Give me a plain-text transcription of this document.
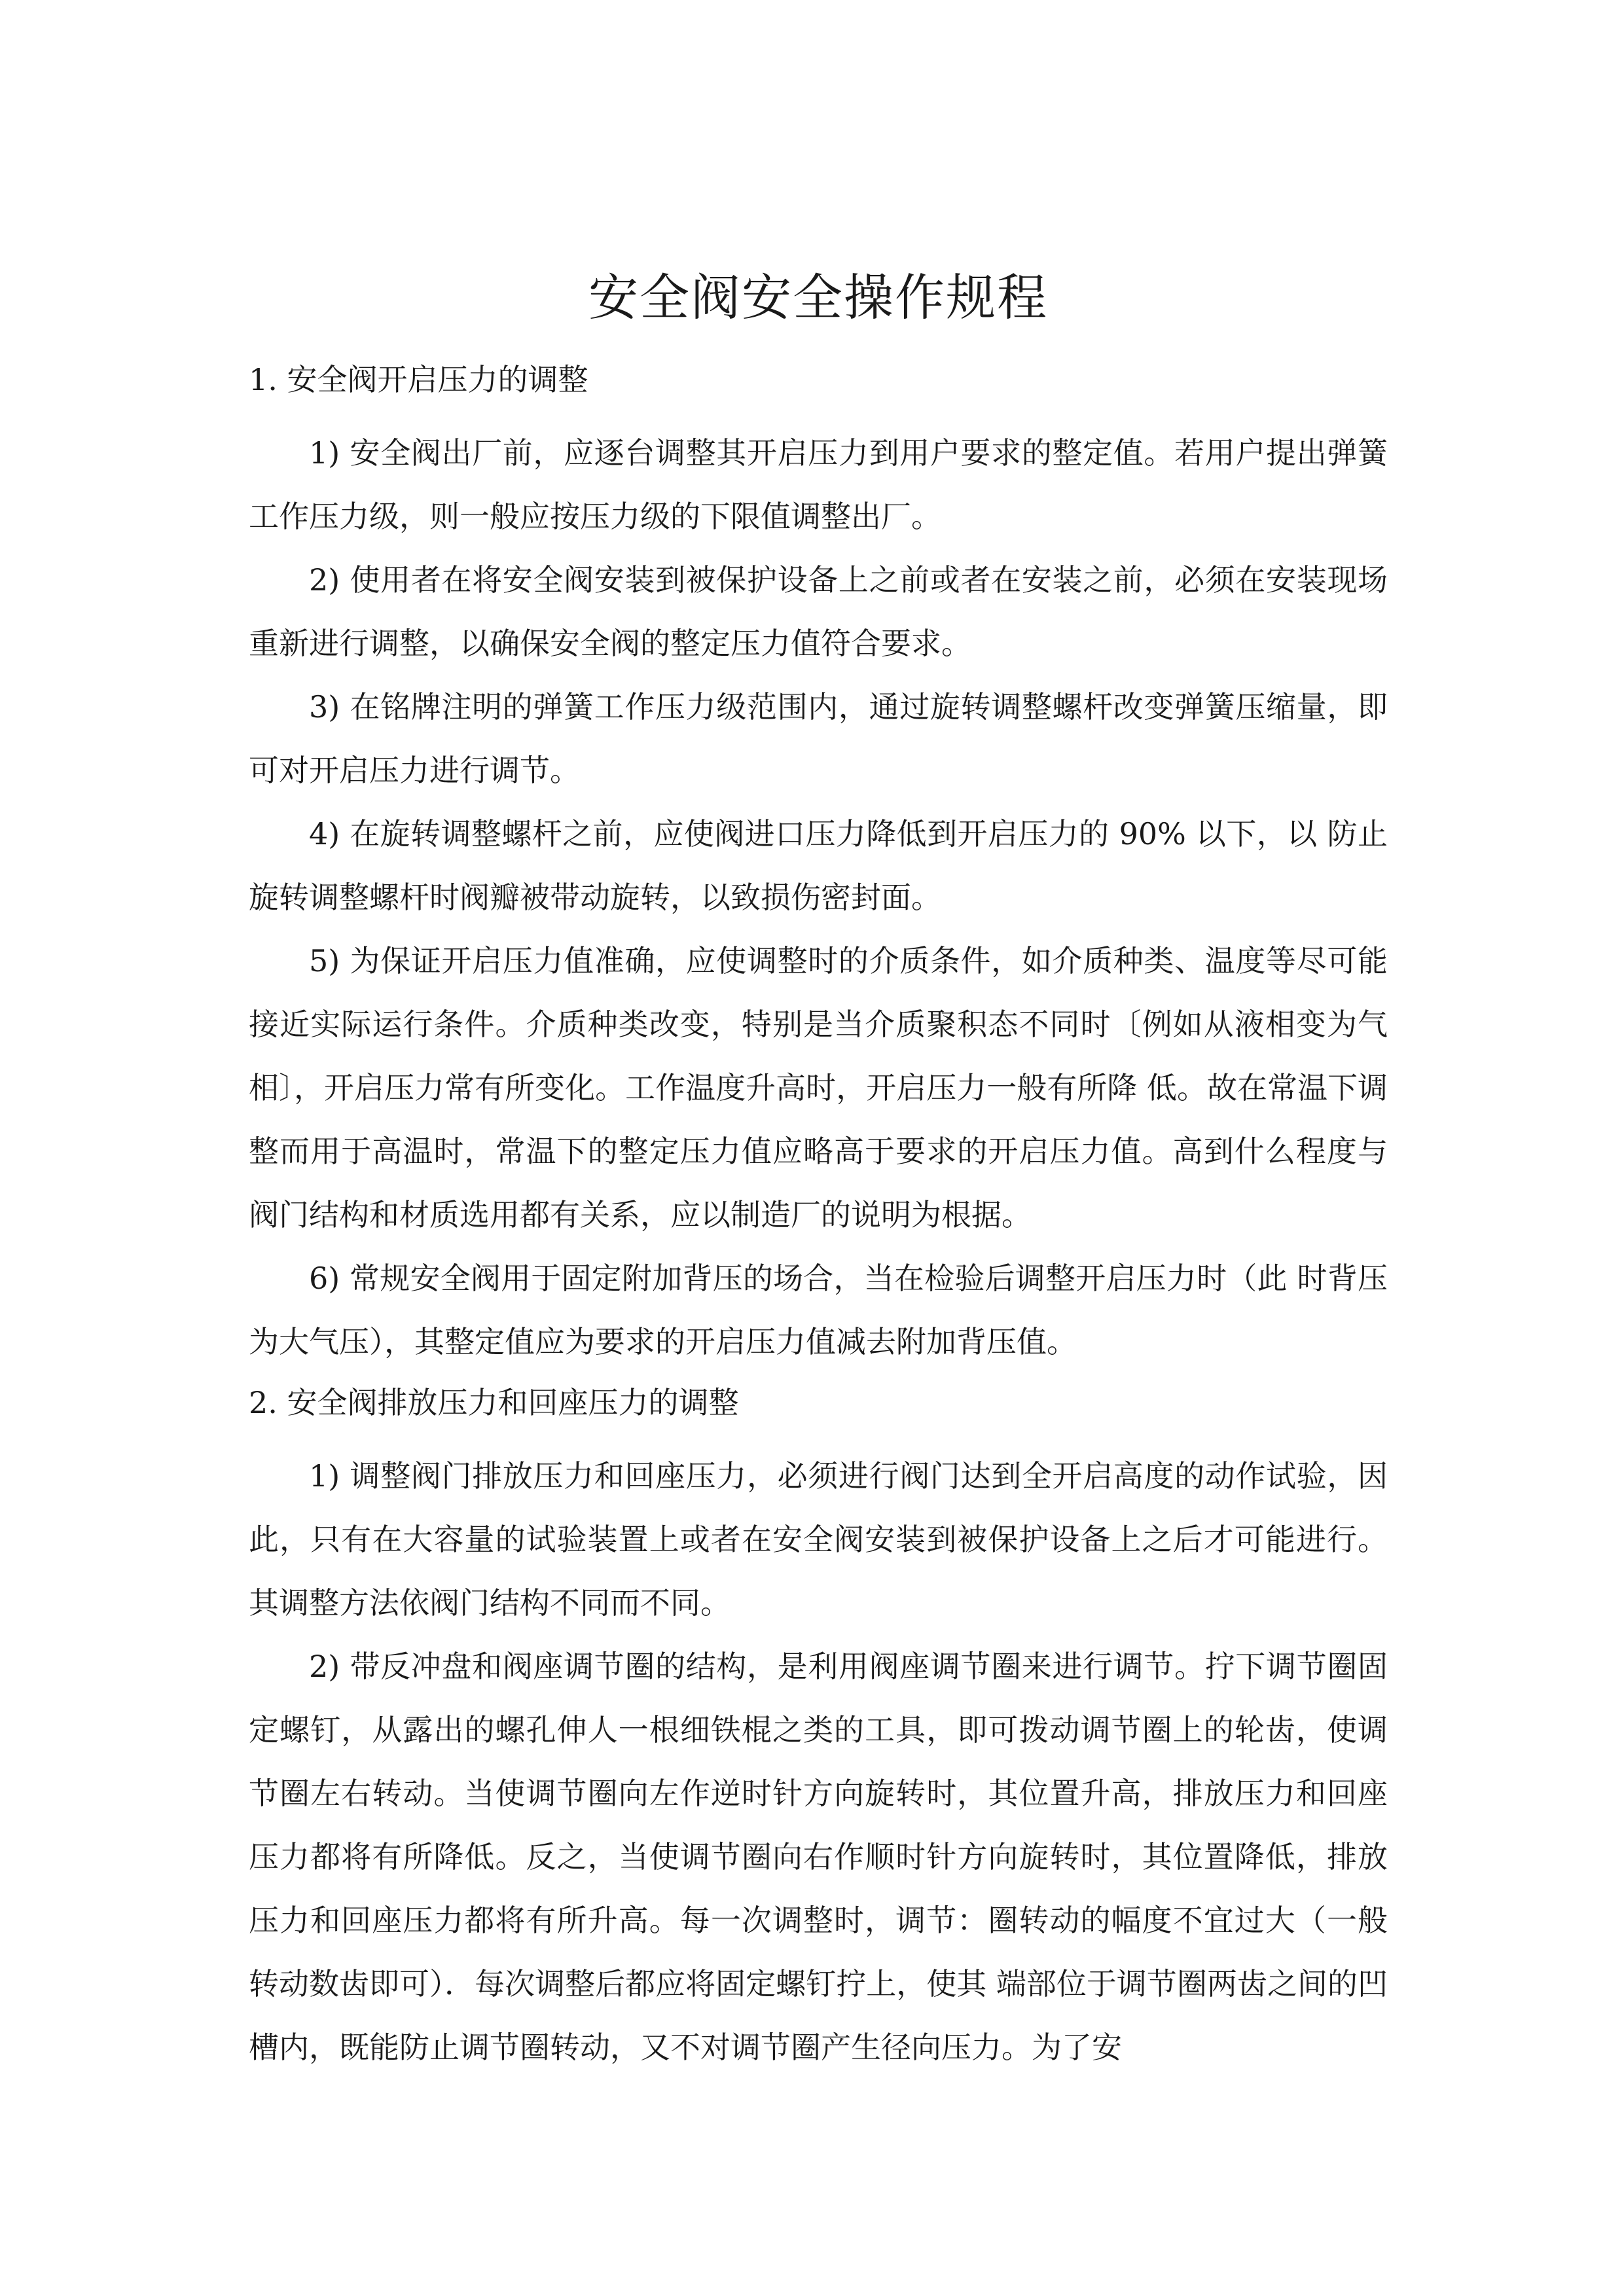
安全阀安全操作规程

1. 安全阀开启压力的调整

1) 安全阀出厂前，应逐台调整其开启压力到用户要求的整定值。若用户提出弹簧工作压力级，则一般应按压力级的下限值调整出厂。

2) 使用者在将安全阀安装到被保护设备上之前或者在安装之前，必须在安装现场重新进行调整，以确保安全阀的整定压力值符合要求。

3) 在铭牌注明的弹簧工作压力级范围内，通过旋转调整螺杆改变弹簧压缩量，即可对开启压力进行调节。

4) 在旋转调整螺杆之前，应使阀进口压力降低到开启压力的 90% 以下，以 防止旋转调整螺杆时阀瓣被带动旋转，以致损伤密封面。

5) 为保证开启压力值准确，应使调整时的介质条件，如介质种类、温度等尽可能接近实际运行条件。介质种类改变，特别是当介质聚积态不同时〔例如从液相变为气相〕，开启压力常有所变化。工作温度升高时，开启压力一般有所降 低。故在常温下调整而用于高温时，常温下的整定压力值应略高于要求的开启压力值。高到什么程度与阀门结构和材质选用都有关系，应以制造厂的说明为根据。

6) 常规安全阀用于固定附加背压的场合，当在检验后调整开启压力时（此 时背压为大气压），其整定值应为要求的开启压力值减去附加背压值。

2. 安全阀排放压力和回座压力的调整

1) 调整阀门排放压力和回座压力，必须进行阀门达到全开启高度的动作试验，因此，只有在大容量的试验装置上或者在安全阀安装到被保护设备上之后才可能进行。其调整方法依阀门结构不同而不同。

2) 带反冲盘和阀座调节圈的结构，是利用阀座调节圈来进行调节。拧下调节圈固定螺钉，从露出的螺孔伸人一根细铁棍之类的工具，即可拨动调节圈上的轮齿，使调节圈左右转动。当使调节圈向左作逆时针方向旋转时，其位置升高，排放压力和回座压力都将有所降低。反之，当使调节圈向右作顺时针方向旋转时，其位置降低，排放压力和回座压力都将有所升高。每一次调整时，调节：圈转动的幅度不宜过大（一般转动数齿即可）．每次调整后都应将固定螺钉拧上，使其 端部位于调节圈两齿之间的凹槽内，既能防止调节圈转动，又不对调节圈产生径向压力。为了安
